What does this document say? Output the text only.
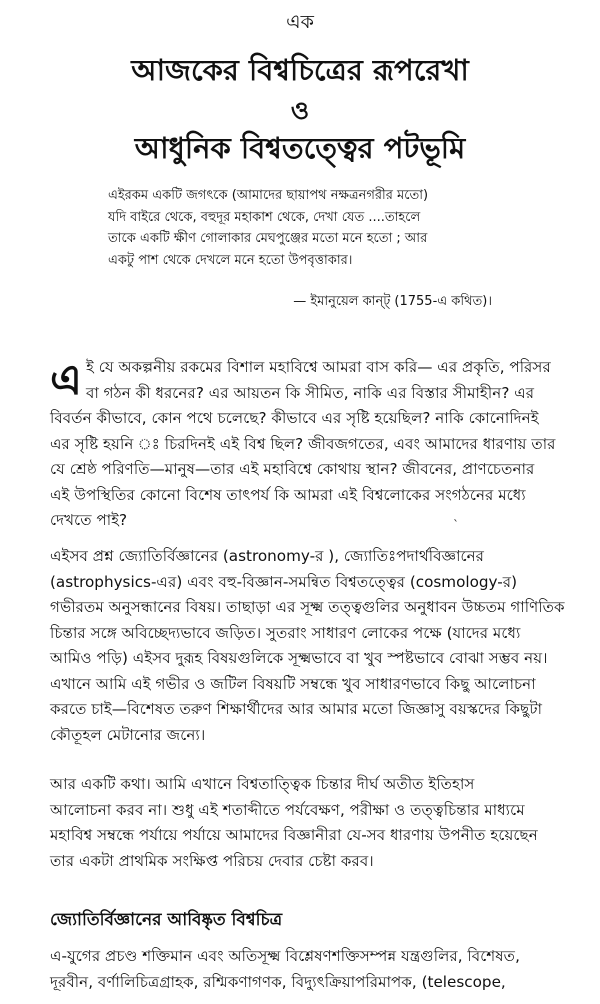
এক
আজকের বিশ্বচিত্রের রূপরেখা
ও
আধুনিক বিশ্বতত্ত্বের পটভূমি

এইরকম একটি জগৎকে (আমাদের ছায়াপথ নক্ষত্রনগরীর মতো)

যদি বাইরে থেকে, বহুদূর মহাকাশ থেকে, দেখা যেত ....তাহলে

তাকে একটি ক্ষীণ গোলাকার মেঘপুঞ্জের মতো মনে হতো ; আর

একটু পাশ থেকে দেখলে মনে হতো উপবৃত্তাকার।

— ইমানুয়েল কান্ট্ (1755-এ কথিত)।
এ ই যে অকল্পনীয় রকমের বিশাল মহাবিশ্বে আমরা বাস করি— এর প্রকৃতি, পরিসর
বা গঠন কী ধরনের? এর আয়তন কি সীমিত, নাকি এর বিস্তার সীমাহীন? এর
বিবর্তন কীভাবে, কোন পথে চলেছে? কীভাবে এর সৃষ্টি হয়েছিল? নাকি কোনোদিনই
এর সৃষ্টি হয়নি ঃ চিরদিনই এই বিশ্ব ছিল? জীবজগতের, এবং আমাদের ধারণায় তার
যে শ্রেষ্ঠ পরিণতি—মানুষ—তার এই মহাবিশ্বে কোথায় স্থান? জীবনের, প্রাণচেতনার
এই উপস্থিতির কোনো বিশেষ তাৎপর্য কি আমরা এই বিশ্বলোকের সংগঠনের মধ্যে
দেখতে পাই?	`
এইসব প্রশ্ন জ্যোতির্বিজ্ঞানের (astronomy-র ), জ্যোতিঃপদার্থবিজ্ঞানের
(astrophysics-এর) এবং বহু-বিজ্ঞান-সমন্বিত বিশ্বতত্ত্বের (cosmology-র)
গভীরতম অনুসন্ধানের বিষয়। তাছাড়া এর সূক্ষ্ম তত্ত্বগুলির অনুধাবন উচ্চতম গাণিতিক
চিন্তার সঙ্গে অবিচ্ছেদ্যভাবে জড়িত। সুতরাং সাধারণ লোকের পক্ষে (যাদের মধ্যে
আমিও পড়ি) এইসব দুরূহ বিষয়গুলিকে সূক্ষ্মভাবে বা খুব স্পষ্টভাবে বোঝা সম্ভব নয়।
এখানে আমি এই গভীর ও জটিল বিষয়টি সম্বন্ধে খুব সাধারণভাবে কিছু আলোচনা
করতে চাই—বিশেষত তরুণ শিক্ষার্থীদের আর আমার মতো জিজ্ঞাসু বয়স্কদের কিছুটা
কৌতূহল মেটানোর জন্যে।
আর একটি কথা। আমি এখানে বিশ্বতাত্ত্বিক চিন্তার দীর্ঘ অতীত ইতিহাস
আলোচনা করব না। শুধু এই শতাব্দীতে পর্যবেক্ষণ, পরীক্ষা ও তত্ত্বচিন্তার মাধ্যমে
মহাবিশ্ব সম্বন্ধে পর্যায়ে পর্যায়ে আমাদের বিজ্ঞানীরা যে-সব ধারণায় উপনীত হয়েছেন
তার একটা প্রাথমিক সংক্ষিপ্ত পরিচয় দেবার চেষ্টা করব।
জ্যোতির্বিজ্ঞানের আবিষ্কৃত বিশ্বচিত্র
এ-যুগের প্রচণ্ড শক্তিমান এবং অতিসূক্ষ্ম বিশ্লেষণশক্তিসম্পন্ন যন্ত্রগুলির, বিশেষত,
দূরবীন, বর্ণালিচিত্রগ্রাহক, রশ্মিকণাগণক, বিদ্যুৎক্রিয়াপরিমাপক, (telescope,
